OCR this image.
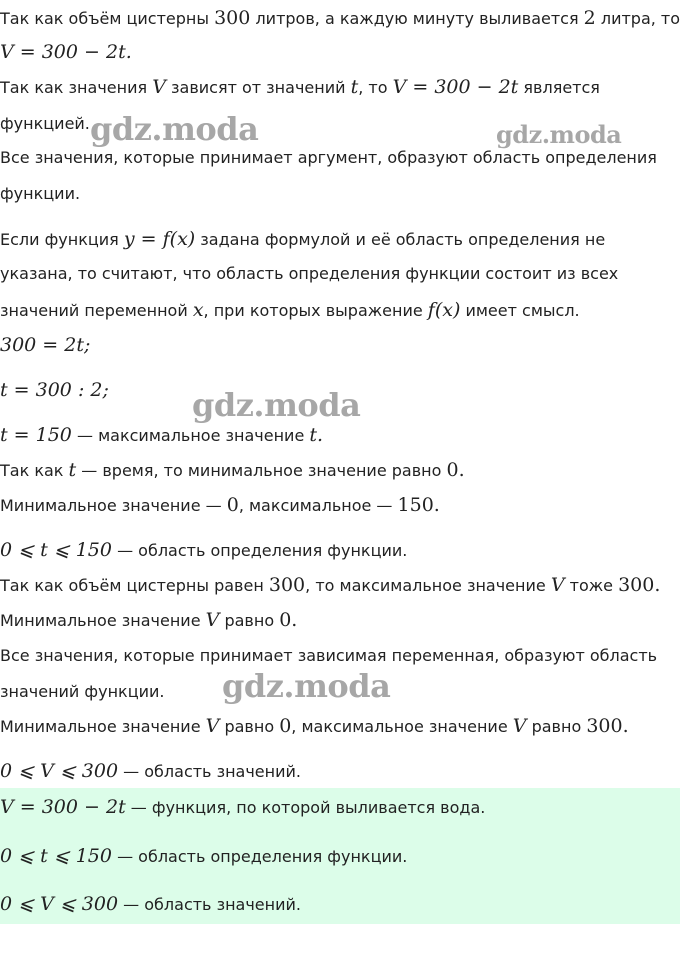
Так как объём цистерны 300 литров, а каждую минуту выливается 2 литра, то
V = 300 − 2t.
Так как значения V зависят от значений t, то V = 300 − 2t является
функцией.
Все значения, которые принимает аргумент, образуют область определения
функции.
Если функция y = f(x) задана формулой и её область определения не
указана, то считают, что область определения функции состоит из всех
значений переменной x, при которых выражение f(x) имеет смысл.
300 = 2t;
t = 300 : 2;
t = 150 — максимальное значение t.
Так как t — время, то минимальное значение равно 0.
Минимальное значение — 0, максимальное — 150.
0 ⩽ t ⩽ 150 — область определения функции.
Так как объём цистерны равен 300, то максимальное значение V тоже 300.
Минимальное значение V равно 0.
Все значения, которые принимает зависимая переменная, образуют область
значений функции.
Минимальное значение V равно 0, максимальное значение V равно 300.
0 ⩽ V ⩽ 300 — область значений.
V = 300 − 2t — функция, по которой выливается вода.
0 ⩽ t ⩽ 150 — область определения функции.
0 ⩽ V ⩽ 300 — область значений.
gdz.moda	gdz.moda
gdz.moda
gdz.moda
